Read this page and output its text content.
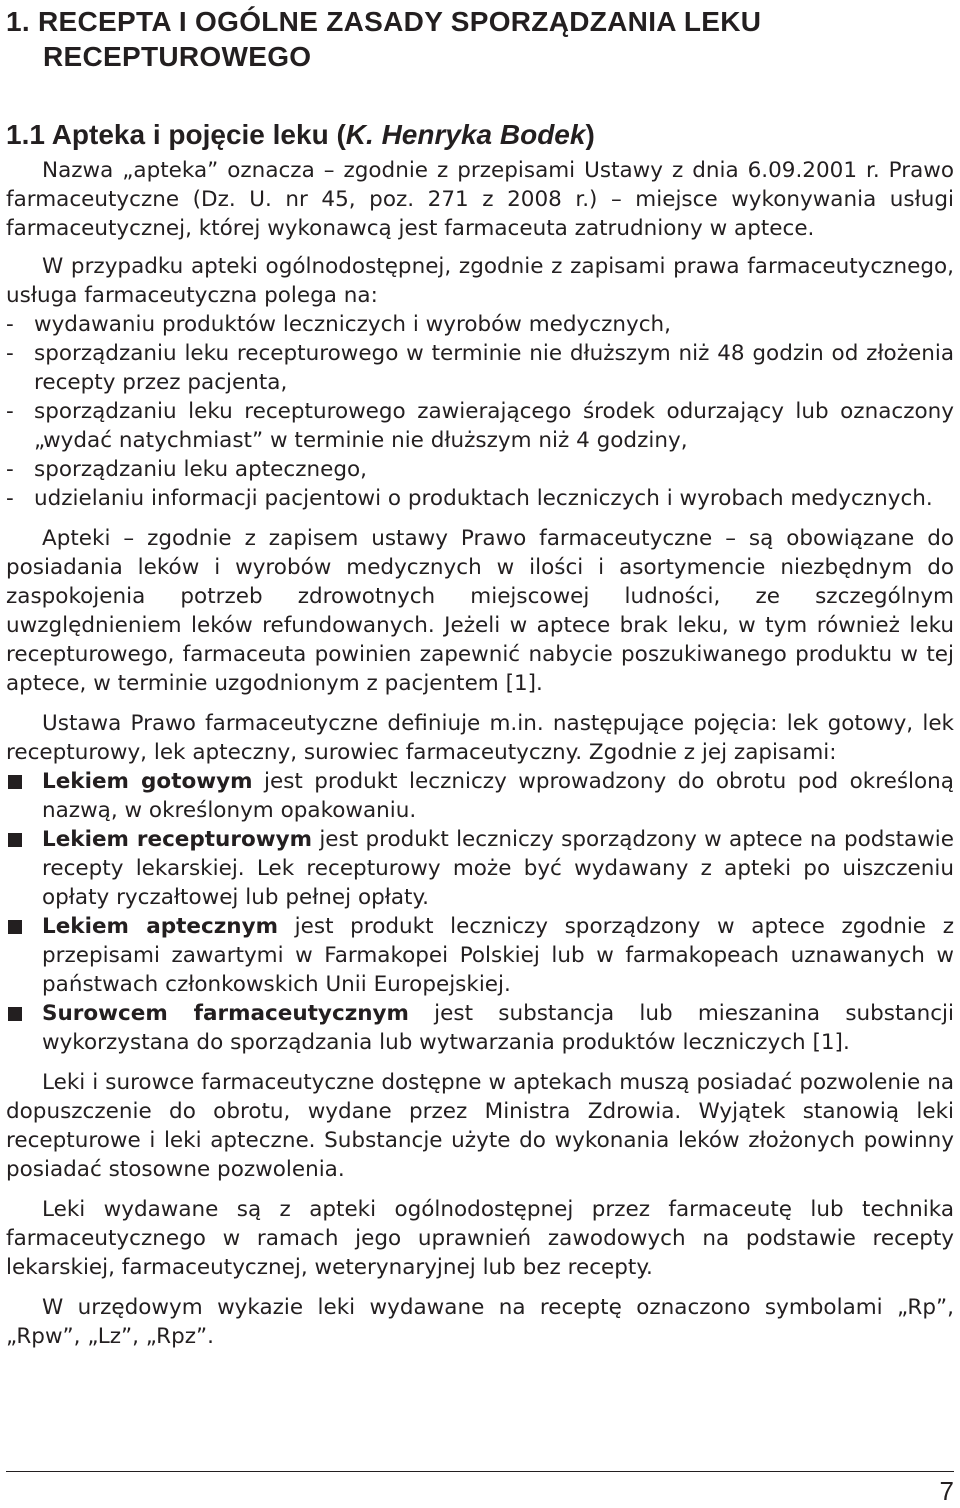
1. RECEPTA I OGÓLNE ZASADY SPORZĄDZANIA LEKU
RECEPTUROWEGO
1.1 Apteka i pojęcie leku (K. Henryka Bodek)

Nazwa „apteka” oznacza – zgodnie z przepisami Ustawy z dnia 6.09.2001 r. Prawo farmaceutyczne (Dz. U. nr 45, poz. 271 z 2008 r.) – miejsce wykonywania usługi farmaceutycznej, której wykonawcą jest farmaceuta zatrudniony w aptece.

W przypadku apteki ogólnodostępnej, zgodnie z zapisami prawa farmaceutycznego, usługa farmaceutyczna polega na:

- wydawaniu produktów leczniczych i wyrobów medycznych,
- sporządzaniu leku recepturowego w terminie nie dłuższym niż 48 godzin od złożenia recepty przez pacjenta,
- sporządzaniu leku recepturowego zawierającego środek odurzający lub oznaczony „wydać natychmiast” w terminie nie dłuższym niż 4 godziny,
- sporządzaniu leku aptecznego,
- udzielaniu informacji pacjentowi o produktach leczniczych i wyrobach medycznych.

Apteki – zgodnie z zapisem ustawy Prawo farmaceutyczne – są obowiązane do posiadania leków i wyrobów medycznych w ilości i asortymencie niezbędnym do zaspokojenia potrzeb zdrowotnych miejscowej ludności, ze szczególnym uwzględnieniem leków refundowanych. Jeżeli w aptece brak leku, w tym również leku recepturowego, farmaceuta powinien zapewnić nabycie poszukiwanego produktu w tej aptece, w terminie uzgodnionym z pacjentem [1].

Ustawa Prawo farmaceutyczne definiuje m.in. następujące pojęcia: lek gotowy, lek recepturowy, lek apteczny, surowiec farmaceutyczny. Zgodnie z jej zapisami:

Lekiem gotowym jest produkt leczniczy wprowadzony do obrotu pod określoną nazwą, w określonym opakowaniu.
Lekiem recepturowym jest produkt leczniczy sporządzony w aptece na podstawie recepty lekarskiej. Lek recepturowy może być wydawany z apteki po uiszczeniu opłaty ryczałtowej lub pełnej opłaty.
Lekiem aptecznym jest produkt leczniczy sporządzony w aptece zgodnie z przepisami zawartymi w Farmakopei Polskiej lub w farmakopeach uznawanych w państwach członkowskich Unii Europejskiej.
Surowcem farmaceutycznym jest substancja lub mieszanina substancji wykorzystana do sporządzania lub wytwarzania produktów leczniczych [1].

Leki i surowce farmaceutyczne dostępne w aptekach muszą posiadać pozwolenie na dopuszczenie do obrotu, wydane przez Ministra Zdrowia. Wyjątek stanowią leki recepturowe i leki apteczne. Substancje użyte do wykonania leków złożonych powinny posiadać stosowne pozwolenia.

Leki wydawane są z apteki ogólnodostępnej przez farmaceutę lub technika farmaceutycznego w ramach jego uprawnień zawodowych na podstawie recepty lekarskiej, farmaceutycznej, weterynaryjnej lub bez recepty.

W urzędowym wykazie leki wydawane na receptę oznaczono symbolami „Rp”, „Rpw”, „Lz”, „Rpz”.

7
